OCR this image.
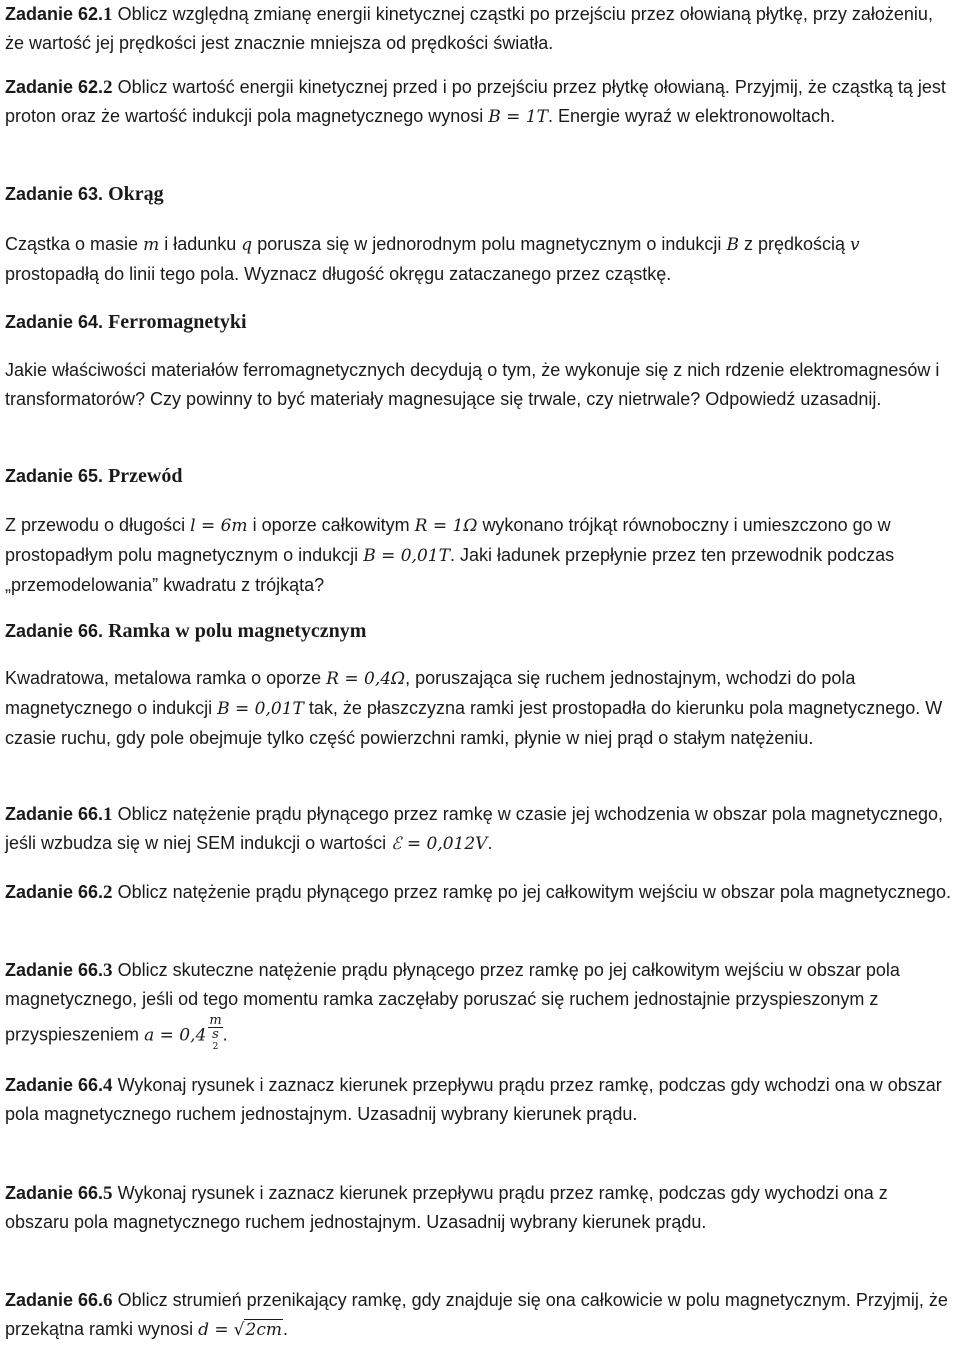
Zadanie 62.1 Oblicz względną zmianę energii kinetycznej cząstki po przejściu przez ołowianą płytkę, przy założeniu, że wartość jej prędkości jest znacznie mniejsza od prędkości światła.

Zadanie 62.2 Oblicz wartość energii kinetycznej przed i po przejściu przez płytkę ołowianą. Przyjmij, że cząstką tą jest proton oraz że wartość indukcji pola magnetycznego wynosi B = 1T. Energie wyraź w elektronowoltach.

Zadanie 63. Okrąg

Cząstka o masie m i ładunku q porusza się w jednorodnym polu magnetycznym o indukcji B z prędkością v prostopadłą do linii tego pola. Wyznacz długość okręgu zataczanego przez cząstkę.

Zadanie 64. Ferromagnetyki

Jakie właściwości materiałów ferromagnetycznych decydują o tym, że wykonuje się z nich rdzenie elektromagnesów i transformatorów? Czy powinny to być materiały magnesujące się trwale, czy nietrwale? Odpowiedź uzasadnij.

Zadanie 65. Przewód

Z przewodu o długości l = 6m i oporze całkowitym R = 1Ω wykonano trójkąt równoboczny i umieszczono go w prostopadłym polu magnetycznym o indukcji B = 0,01T. Jaki ładunek przepłynie przez ten przewodnik podczas „przemodelowania” kwadratu z trójkąta?

Zadanie 66. Ramka w polu magnetycznym

Kwadratowa, metalowa ramka o oporze R = 0,4Ω, poruszająca się ruchem jednostajnym, wchodzi do pola magnetycznego o indukcji B = 0,01T tak, że płaszczyzna ramki jest prostopadła do kierunku pola magnetycznego. W czasie ruchu, gdy pole obejmuje tylko część powierzchni ramki, płynie w niej prąd o stałym natężeniu.

Zadanie 66.1 Oblicz natężenie prądu płynącego przez ramkę w czasie jej wchodzenia w obszar pola magnetycznego, jeśli wzbudza się w niej SEM indukcji o wartości ℰ = 0,012V.

Zadanie 66.2 Oblicz natężenie prądu płynącego przez ramkę po jej całkowitym wejściu w obszar pola magnetycznego.

Zadanie 66.3 Oblicz skuteczne natężenie prądu płynącego przez ramkę po jej całkowitym wejściu w obszar pola magnetycznego, jeśli od tego momentu ramka zaczęłaby poruszać się ruchem jednostajnie przyspieszonym z przyspieszeniem a = 0,4 m
s
$^2$ .

Zadanie 66.4 Wykonaj rysunek i zaznacz kierunek przepływu prądu przez ramkę, podczas gdy wchodzi ona w obszar pola magnetycznego ruchem jednostajnym. Uzasadnij wybrany kierunek prądu.

Zadanie 66.5 Wykonaj rysunek i zaznacz kierunek przepływu prądu przez ramkę, podczas gdy wychodzi ona z obszaru pola magnetycznego ruchem jednostajnym. Uzasadnij wybrany kierunek prądu.

Zadanie 66.6 Oblicz strumień przenikający ramkę, gdy znajduje się ona całkowicie w polu magnetycznym. Przyjmij, że przekątna ramki wynosi d = √2cm.
